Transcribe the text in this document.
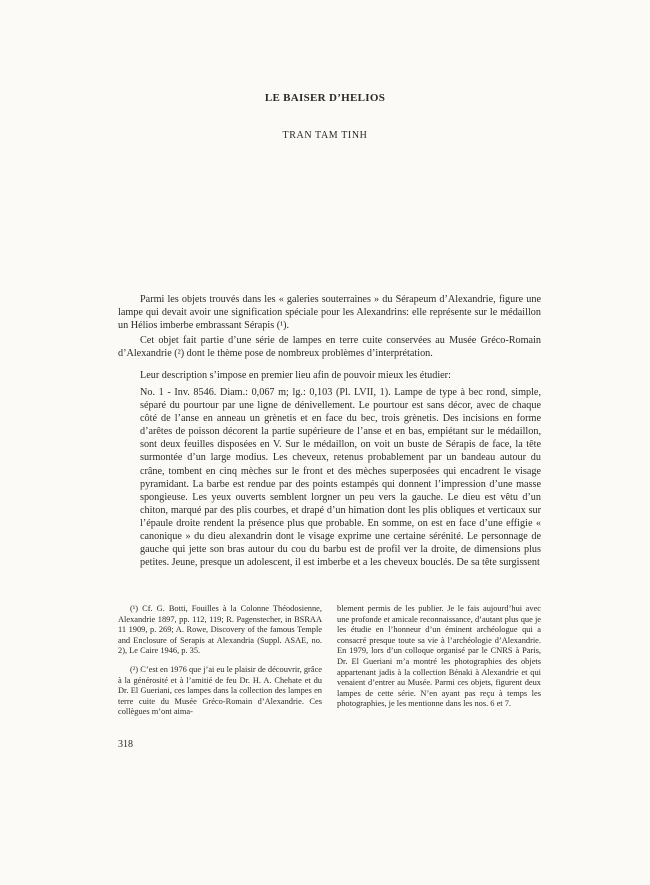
LE BAISER D’HELIOS
TRAN TAM TINH

Parmi les objets trouvés dans les « galeries souterraines » du Sérapeum d’Alexandrie, figure une lampe qui devait avoir une signification spéciale pour les Alexandrins: elle représente sur le médaillon un Hélios imberbe embrassant Sérapis (¹).

Cet objet fait partie d’une série de lampes en terre cuite conservées au Musée Gréco-Romain d’Alexandrie (²) dont le thème pose de nombreux problèmes d’interprétation.

Leur description s’impose en premier lieu afin de pouvoir mieux les étudier:

No. 1 - Inv. 8546. Diam.: 0,067 m; lg.: 0,103 (Pl. LVII, 1). Lampe de type à bec rond, simple, séparé du pourtour par une ligne de dénivellement. Le pourtour est sans décor, avec de chaque côté de l’anse en anneau un grènetis et en face du bec, trois grènetis. Des incisions en forme d’arêtes de poisson décorent la partie supérieure de l’anse et en bas, empiétant sur le médaillon, sont deux feuilles disposées en V. Sur le médaillon, on voit un buste de Sérapis de face, la tête surmontée d’un large modius. Les cheveux, retenus probablement par un bandeau autour du crâne, tombent en cinq mèches sur le front et des mèches superposées qui encadrent le visage pyramidant. La barbe est rendue par des points estampés qui donnent l’impression d’une masse spongieuse. Les yeux ouverts semblent lorgner un peu vers la gauche. Le dieu est vêtu d’un chiton, marqué par des plis courbes, et drapé d’un himation dont les plis obliques et verticaux sur l’épaule droite rendent la présence plus que probable. En somme, on est en face d’une effigie « canonique » du dieu alexandrin dont le visage exprime une certaine sérénité. Le personnage de gauche qui jette son bras autour du cou du barbu est de profil ver la droite, de dimensions plus petites. Jeune, presque un adolescent, il est imberbe et a les cheveux bouclés. De sa tête surgissent

(¹) Cf. G. Botti, Fouilles à la Colonne Théodosienne, Alexandrie 1897, pp. 112, 119; R. Pagenstecher, in BSRAA 11 1909, p. 269; A. Rowe, Discovery of the famous Temple and Enclosure of Serapis at Alexandria (Suppl. ASAE, no. 2), Le Caire 1946, p. 35.

(²) C’est en 1976 que j’ai eu le plaisir de découvrir, grâce à la générosité et à l’amitié de feu Dr. H. A. Chehate et du Dr. El Gueriani, ces lampes dans la collection des lampes en terre cuite du Musée Gréco-Romain d’Alexandrie. Ces collègues m’ont aima-

blement permis de les publier. Je le fais aujourd’hui avec une profonde et amicale reconnaissance, d’autant plus que je les étudie en l’honneur d’un éminent archéologue qui a consacré presque toute sa vie à l’archéologie d’Alexandrie. En 1979, lors d’un colloque organisé par le CNRS à Paris, Dr. El Gueriani m’a montré les photographies des objets appartenant jadis à la collection Bénaki à Alexandrie et qui venaient d’entrer au Musée. Parmi ces objets, figurent deux lampes de cette série. N’en ayant pas reçu à temps les photographies, je les mentionne dans les nos. 6 et 7.

318
